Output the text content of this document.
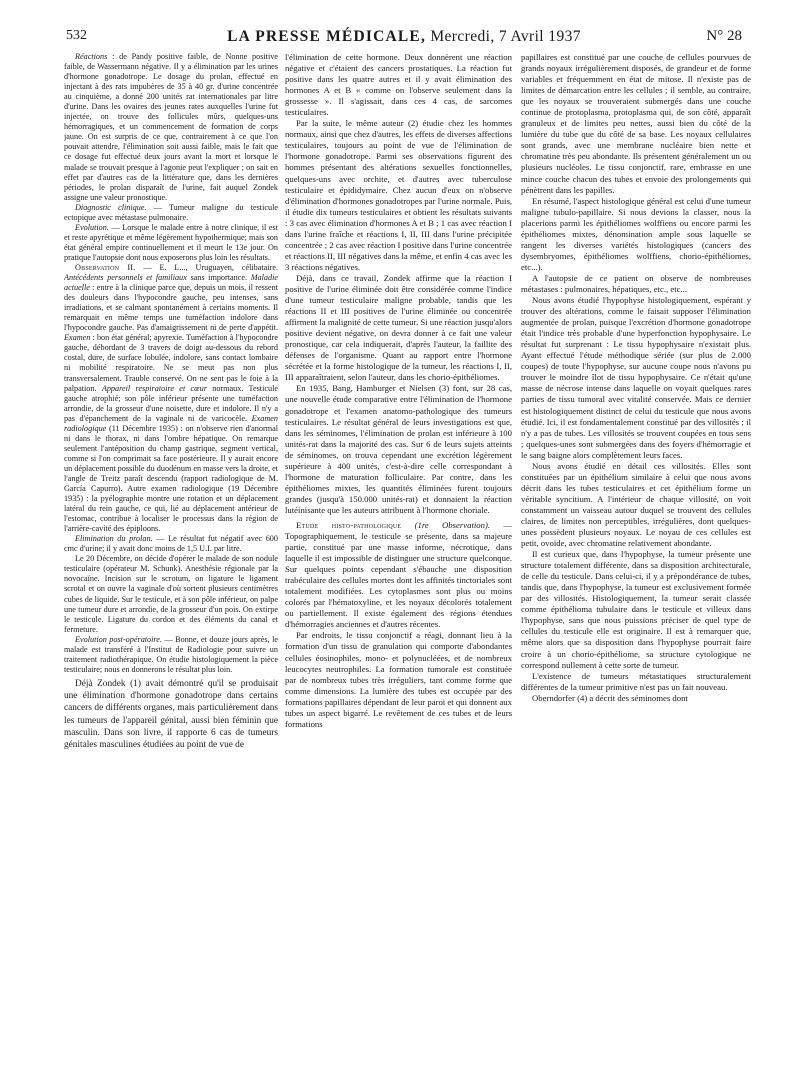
532	LA PRESSE MÉDICALE, Mercredi, 7 Avril 1937	N° 28

Réactions : de Pandy positive faible, de Nonne positive faible, de Wassermann négative. Il y a élimination par les urines d'hormone gonadotrope. Le dosage du prolan, effectué en injectant à des rats impubères de 35 à 40 gr. d'urine concentrée au cinquième, a donné 200 unités rat internationales par litre d'urine. Dans les ovaires des jeunes rates auxquelles l'urine fut injectée, on trouve des follicules mûrs, quelques-uns hémorragiques, et un commencement de formation de corps jaune. On est surpris de ce que, contrairement à ce que l'on pouvait attendre, l'élimination soit aussi faible, mais le fait que ce dosage fut effectué deux jours avant la mort et lorsque le malade se trouvait presque à l'agonie peut l'expliquer ; on sait en effet par d'autres cas de la littérature que, dans les dernières périodes, le prolan disparaît de l'urine, fait auquel Zondek assigne une valeur pronostique.

Diagnostic clinique. — Tumeur maligne du testicule ectopique avec métastase pulmonaire.

Evolution. — Lorsque le malade entre à notre clinique, il est et reste apyrétique et même légèrement hypothermique; mais son état général empire continuellement et il meurt le 13e jour. On pratique l'autopsie dont nous exposerons plus loin les résultats.

Observation II. — E. L..., Uruguayen, célibataire. Antécédents personnels et familiaux sans importance. Maladie actuelle : entre à la clinique parce que, depuis un mois, il ressent des douleurs dans l'hypocondre gauche, peu intenses, sans irradiations, et se calmant spontanément à certains moments. Il remarquait en même temps une tuméfaction indolore dans l'hypocondre gauche. Pas d'amaigrissement ni de perte d'appétit. Examen : bon état général; apyrexie. Tuméfaction à l'hypocondre gauche, débordant de 3 travers de doigt au-dessous du rebord costal, dure, de surface lobulée, indolore, sans contact lombaire ni mobilité respiratoire. Ne se meut pas non plus transversalement. Trauble conservé. On ne sent pas le foie à la palpation. Appareil respiratoire et cœur normaux. Testicule gauche atrophié; son pôle inférieur présente une tuméfaction arrondie, de la grosseur d'une noisette, dure et indolore. Il n'y a pas d'épanchement de la vaginale ni de varicocèle. Examen radiologique (11 Décembre 1935) : on n'observe rien d'anormal ni dans le thorax, ni dans l'ombre hépatique. On remarque seulement l'antéposition du champ gastrique, segment vertical, comme si l'on comprimait sa face postérieure. Il y aurait encore un déplacement possible du duodénum en masse vers la droite, et l'angle de Treitz paraît descendu (rapport radiologique de M. García Capurro). Autre examen radiologique (19 Décembre 1935) : la pyélographie montre une rotation et un déplacement latéral du rein gauche, ce qui, lié au déplacement antérieur de l'estomac, contribue à localiser le processus dans la région de l'arrière-cavité des épiploons.

Elimination du prolan. — Le résultat fut négatif avec 600 cmc d'urine; il y avait donc moins de 1,5 U.I. par litre.

Le 20 Décembre, on décide d'opérer le malade de son nodule testiculaire (opérateur M. Schunk). Anesthésie régionale par la novocaïne. Incision sur le scrotum, on ligature le ligament scrotal et on ouvre la vaginale d'où sortent plusieurs centimètres cubes de liquide. Sur le testicule, et à son pôle inférieur, on palpe une tumeur dure et arrondie, de la grosseur d'un pois. On extirpe le testicule. Ligature du cordon et des éléments du canal et fermeture.

Evolution post-opératoire. — Bonne, et douze jours après, le malade est transféré à l'Institut de Radiologie pour suivre un traitement radiothérapique. On étudie histologiquement la pièce testiculaire; nous en donnerons le résultat plus loin.

Déjà Zondek (1) avait démontré qu'il se produisait une élimination d'hormone gonadotrope dans certains cancers de différents organes, mais particulièrement dans les tumeurs de l'appareil génital, aussi bien féminin que masculin. Dans son livre, il rapporte 6 cas de tumeurs génitales masculines étudiées au point de vue de

l'élimination de cette hormone. Deux donnèrent une réaction négative et c'étaient des cancers prostatiques. La réaction fut positive dans les quatre autres et il y avait élimination des hormones A et B « comme on l'observe seulement dans la grossesse ». Il s'agissait, dans ces 4 cas, de sarcomes testiculaires.

Par la suite, le même auteur (2) étudie chez les hommes normaux, ainsi que chez d'autres, les effets de diverses affections testiculaires, toujours au point de vue de l'élimination de l'hormone gonadotrope. Parmi ses observations figurent des hommes présentant des altérations sexuelles fonctionnelles, quelques-uns avec orchite, et d'autres avec tuberculose testiculaire et épididymaire. Chez aucun d'eux on n'observe d'élimination d'hormones gonadotropes par l'urine normale. Puis, il étudie dix tumeurs testiculaires et obtient les résultats suivants : 3 cas avec élimination d'hormones A et B ; 1 cas avec réaction I dans l'urine fraîche et réactions I, II, III dans l'urine précipitée concentrée ; 2 cas avec réaction I positive dans l'urine concentrée et réactions II, III négatives dans la même, et enfin 4 cas avec les 3 réactions négatives.

Déjà, dans ce travail, Zondek affirme que la réaction I positive de l'urine éliminée doit être considérée comme l'indice d'une tumeur testiculaire maligne probable, tandis que les réactions II et III positives de l'urine éliminée ou concentrée affirment la malignité de cette tumeur. Si une réaction jusqu'alors positive devient négative, on devra donner à ce fait une valeur pronostique, car cela indiquerait, d'après l'auteur, la faillite des défenses de l'organisme. Quant au rapport entre l'hormone sécrétée et la forme histologique de la tumeur, les réactions I, II, III apparaîtraient, selon l'auteur, dans les chorio-épithéliomes.

En 1935, Bang, Hamburger et Nielsen (3) font, sur 28 cas, une nouvelle étude comparative entre l'élimination de l'hormone gonadotrope et l'examen anatomo-pathologique des tumeurs testiculaires. Le résultat général de leurs investigations est que, dans les séminomes, l'élimination de prolan est inférieure à 100 unités-rat dans la majorité des cas. Sur 6 de leurs sujets atteints de séminomes, on trouva cependant une excrétion légèrement supérieure à 400 unités, c'est-à-dire celle correspondant à l'hormone de maturation folliculaire. Par contre, dans les épithéliomes mixtes, les quantités éliminées furent toujours grandes (jusqu'à 150.000 unités-rat) et donnaient la réaction lutéinisante que les auteurs attribuent à l'hormone choriale.

Etude histo-pathologique (1re Observation). — Topographiquement, le testicule se présente, dans sa majeure partie, constitué par une masse informe, nécrotique, dans laquelle il est impossible de distinguer une structure quelconque. Sur quelques points cependant s'ébauche une disposition trabéculaire des cellules mortes dont les affinités tinctoriales sont totalement modifiées. Les cytoplasmes sont plus ou moins colorés par l'hématoxyline, et les noyaux décolorés totalement ou partiellement. Il existe également des régions étendues d'hémorragies anciennes et d'autres récentes.

Par endroits, le tissu conjonctif a réagi, donnant lieu à la formation d'un tissu de granulation qui comporte d'abondantes cellules éosinophiles, mono- et polynucléées, et de nombreux leucocytes neutrophiles. La formation tumorale est constituée par de nombreux tubes très irréguliers, tant comme forme que comme dimensions. La lumière des tubes est occupée par des formations papillaires dépendant de leur paroi et qui donnent aux tubes un aspect bigarré. Le revêtement de ces tubes et de leurs formations

papillaires est constitué par une couche de cellules pourvues de grands noyaux irrégulièrement disposés, de grandeur et de forme variables et fréquemment en état de mitose. Il n'existe pas de limites de démarcation entre les cellules ; il semble, au contraire, que les noyaux se trouveraient submergés dans une couche continue de protoplasma, protoplasma qui, de son côté, apparaît granuleux et de limites peu nettes, aussi bien du côté de la lumière du tube que du côté de sa base. Les noyaux cellulaires sont grands, avec une membrane nucléaire bien nette et chromatine très peu abondante. Ils présentent généralement un ou plusieurs nucléoles. Le tissu conjonctif, rare, embrasse en une mince couche chacun des tubes et envoie des prolongements qui pénètrent dans les papilles.

En résumé, l'aspect histologique général est celui d'une tumeur maligne tubulo-papillaire. Si nous devions la classer, nous la placerions parmi les épithéliomes wolffiens ou encore parmi les épithéliomes mixtes, dénomination ample sous laquelle se rangent les diverses variétés histologiques (cancers des dysembryomes, épithéliomes wolffiens, chorio-épithéliomes, etc...).

A l'autopsie de ce patient on observe de nombreuses métastases : pulmonaires, hépatiques, etc., etc...

Nous avons étudié l'hypophyse histologiquement, espérant y trouver des altérations, comme le faisait supposer l'élimination augmentée de prolan, puisque l'excrétion d'hormone gonadotrope était l'indice très probable d'une hyperfonction hypophysaire. Le résultat fut surprenant : Le tissu hypophysaire n'existait plus. Ayant effectué l'étude méthodique sériée (sur plus de 2.000 coupes) de toute l'hypophyse, sur aucune coupe nous n'avons pu trouver le moindre îlot de tissu hypophysaire. Ce n'était qu'une masse de nécrose intense dans laquelle on voyait quelques rares parties de tissu tumoral avec vitalité conservée. Mais ce dernier est histologiquement distinct de celui du testicule que nous avons étudié. Ici, il est fondamentalement constitué par des villosités ; il n'y a pas de tubes. Les villosités se trouvent coupées en tous sens ; quelques-unes sont submergées dans des foyers d'hémorragie et le sang baigne alors complètement leurs faces.

Nous avons étudié en détail ces villosités. Elles sont constituées par un épithélium similaire à celui que nous avons décrit dans les tubes testiculaires et cet épithélium forme un véritable syncitium. A l'intérieur de chaque villosité, on voit constamment un vaisseau autour duquel se trouvent des cellules claires, de limites non perceptibles, irrégulières, dont quelques-unes possèdent plusieurs noyaux. Le noyau de ces cellules est petit, ovoïde, avec chromatine relativement abondante.

Il est curieux que, dans l'hypophyse, la tumeur présente une structure totalement différente, dans sa disposition architecturale, de celle du testicule. Dans celui-ci, il y a prépondérance de tubes, tandis que, dans l'hypophyse, la tumeur est exclusivement formée par des villosités. Histologiquement, la tumeur serait classée comme épithélioma tubulaire dans le testicule et villeux dans l'hypophyse, sans que nous puissions préciser de quel type de cellules du testicule elle est originaire. Il est à remarquer que, même alors que sa disposition dans l'hypophyse pourrait faire croire à un chorio-épithéliome, sa structure cytologique ne correspond nullement à cette sorte de tumeur.

L'existence de tumeurs métastatiques structuralement différentes de la tumeur primitive n'est pas un fait nouveau.

Oberndorfer (4) a décrit des séminomes dont
